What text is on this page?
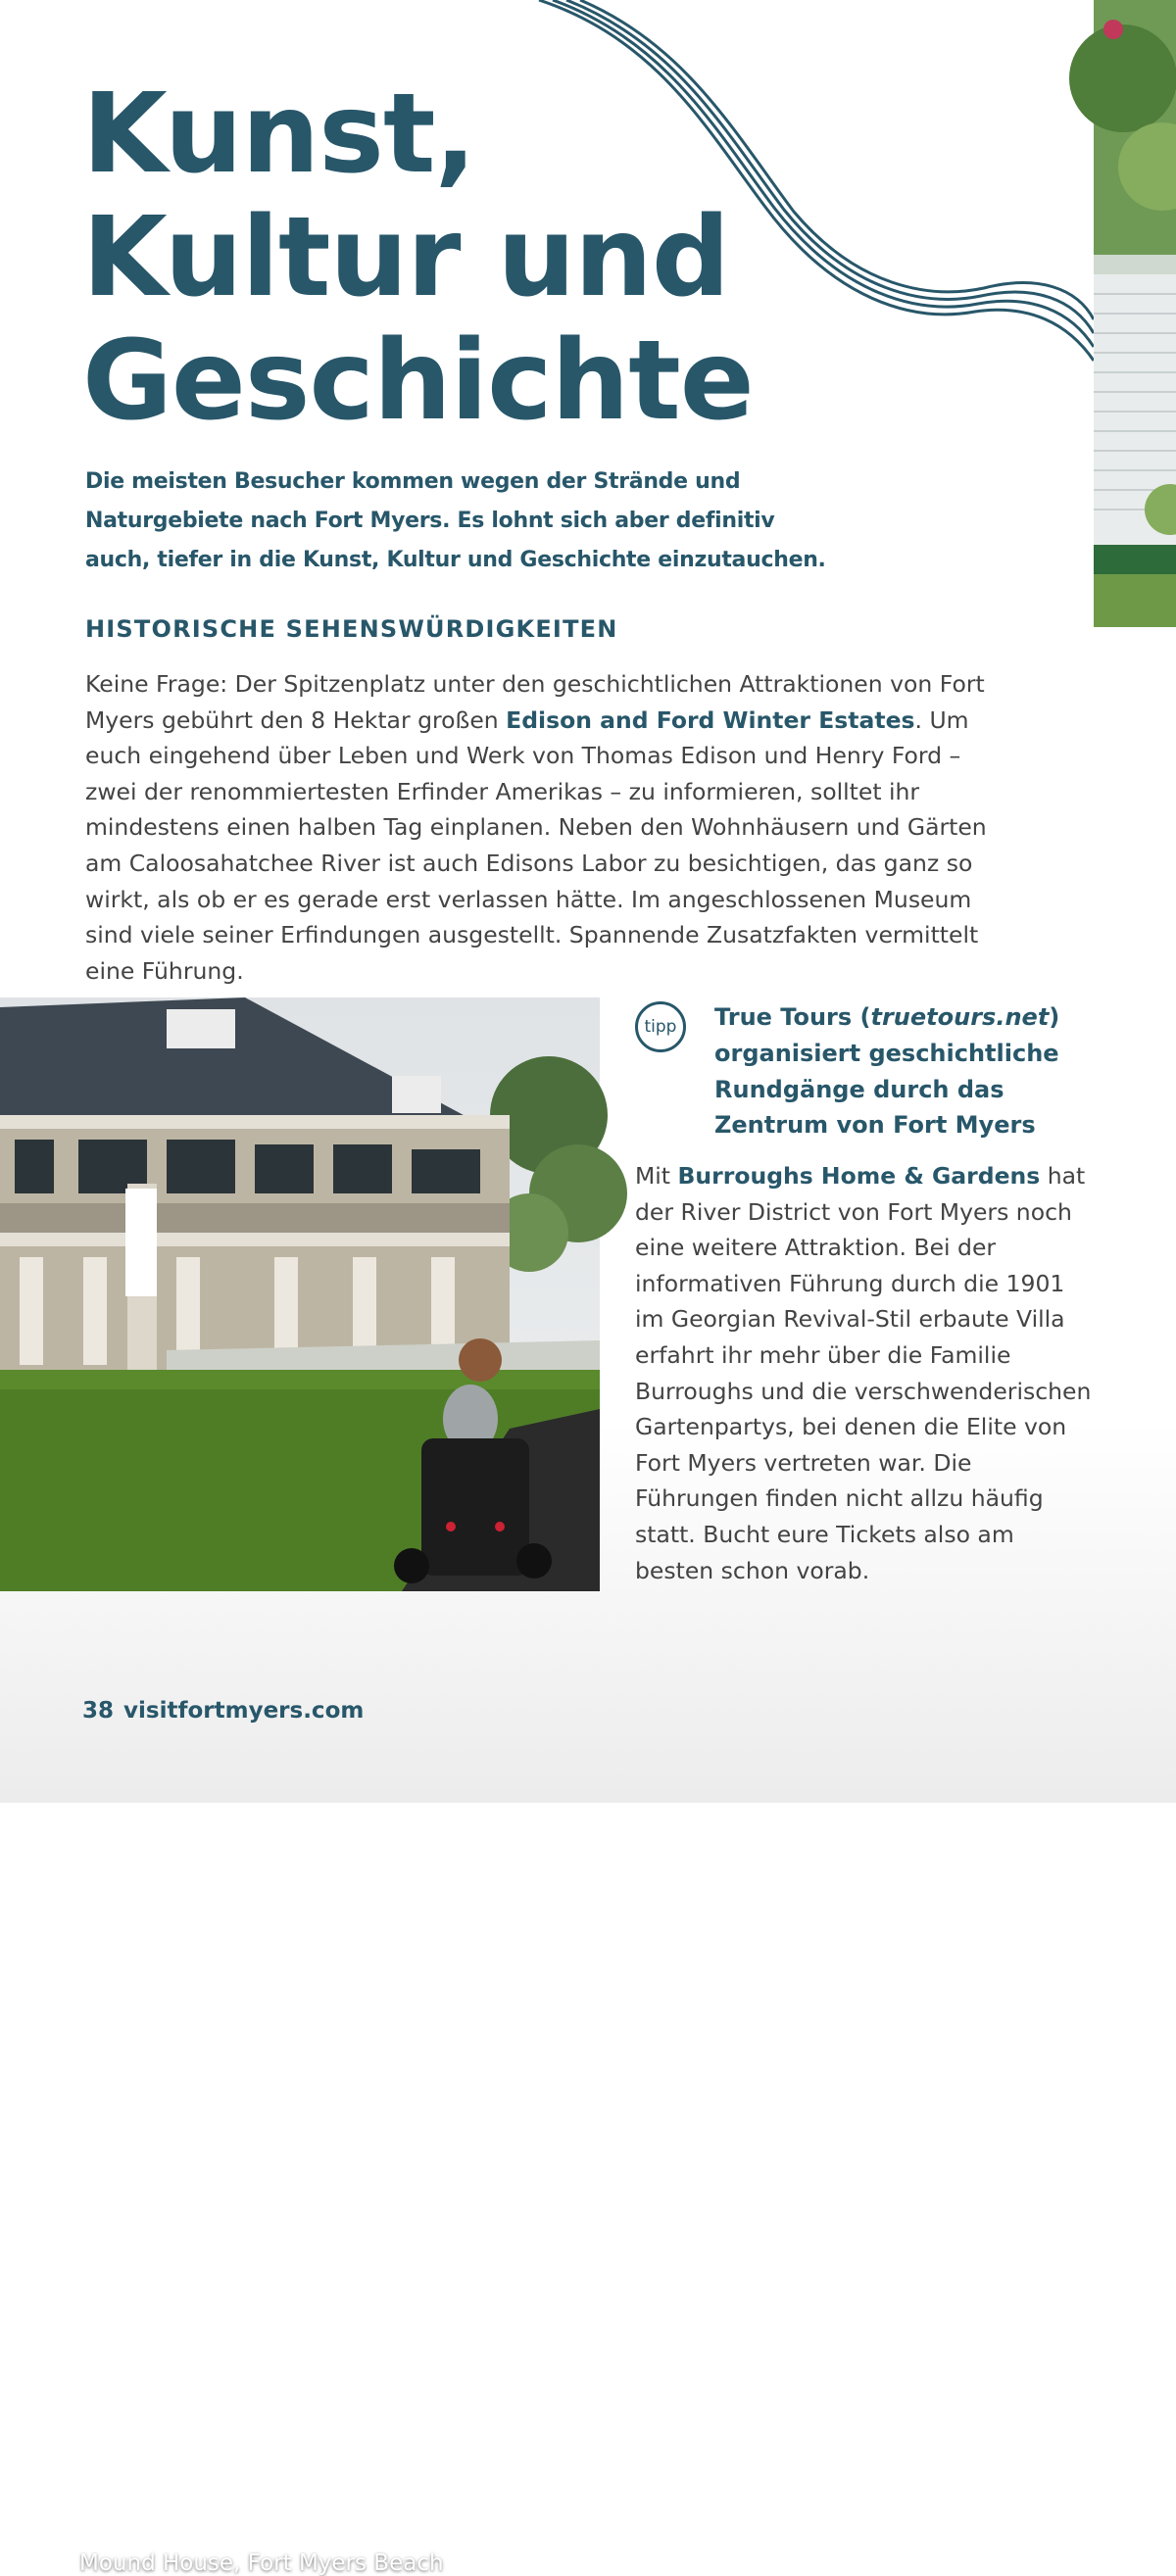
Kunst,
Kultur und
Geschichte

Die meisten Besucher kommen wegen der Strände und Naturgebiete nach Fort Myers. Es lohnt sich aber definitiv auch, tiefer in die Kunst, Kultur und Geschichte einzutauchen.

HISTORISCHE SEHENSWÜRDIGKEITEN

Keine Frage: Der Spitzenplatz unter den geschichtlichen Attraktionen von Fort Myers gebührt den 8 Hektar großen Edison and Ford Winter Estates. Um euch eingehend über Leben und Werk von Thomas Edison und Henry Ford – zwei der renommiertesten Erfinder Amerikas – zu informieren, solltet ihr mindestens einen halben Tag einplanen. Neben den Wohnhäusern und Gärten am Caloosahatchee River ist auch Edisons Labor zu besichtigen, das ganz so wirkt, als ob er es gerade erst verlassen hätte. Im angeschlossenen Museum sind viele seiner Erfindungen ausgestellt. Spannende Zusatzfakten vermittelt eine Führung.

Mound House, Fort Myers Beach
tipp	True Tours (truetours.net) organisiert geschichtliche Rundgänge durch das Zentrum von Fort Myers

Mit Burroughs Home & Gardens hat der River District von Fort Myers noch eine weitere Attraktion. Bei der informativen Führung durch die 1901 im Georgian Revival-Stil erbaute Villa erfahrt ihr mehr über die Familie Burroughs und die verschwenderischen Gartenpartys, bei denen die Elite von Fort Myers vertreten war. Die Führungen finden nicht allzu häufig statt. Bucht eure Tickets also am besten schon vorab.

38 visitfortmyers.com
